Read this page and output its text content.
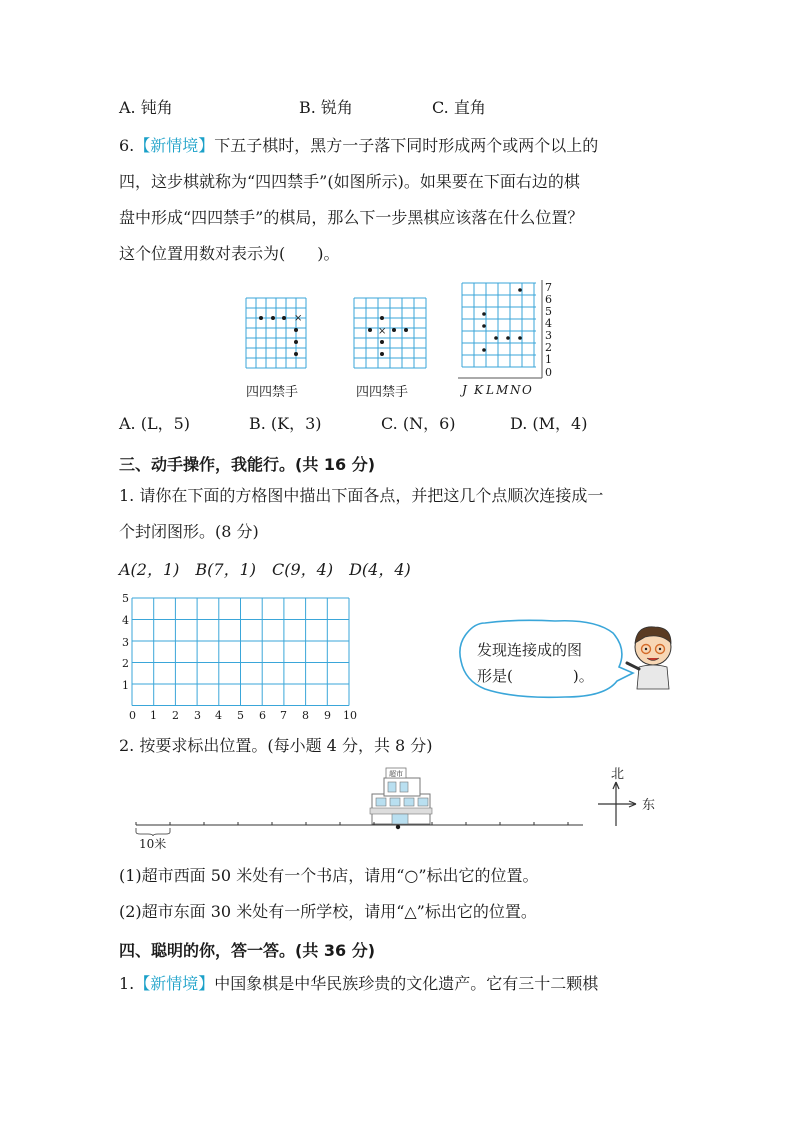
A. 钝角	B. 锐角	C. 直角
6.【新情境】下五子棋时，黑方一子落下同时形成两个或两个以上的
四，这步棋就称为“四四禁手”(如图所示)。如果要在下面右边的棋
盘中形成“四四禁手”的棋局，那么下一步黑棋应该落在什么位置？
这个位置用数对表示为(　　)。
×
四四禁手
×
四四禁手
7
6
5
4
3
2
1
0
J K L M N O
A. (L，5)	B. (K，3)	C. (N，6)	D. (M，4)
三、动手操作，我能行。(共 16 分)
1. 请你在下面的方格图中描出下面各点，并把这几个点顺次连接成一
个封闭图形。(8 分)
A(2，1)　B(7，1)　C(9，4)　D(4，4)
1
2
3
4
5
0 1 2 3 4 5 6 7 8 9 10
发现连接成的图
形是(　　　　)。
2. 按要求标出位置。(每小题 4 分，共 8 分)
超市
10米
北
东
(1)超市西面 50 米处有一个书店，请用“○”标出它的位置。
(2)超市东面 30 米处有一所学校，请用“△”标出它的位置。
四、聪明的你，答一答。(共 36 分)
1.【新情境】中国象棋是中华民族珍贵的文化遗产。它有三十二颗棋
